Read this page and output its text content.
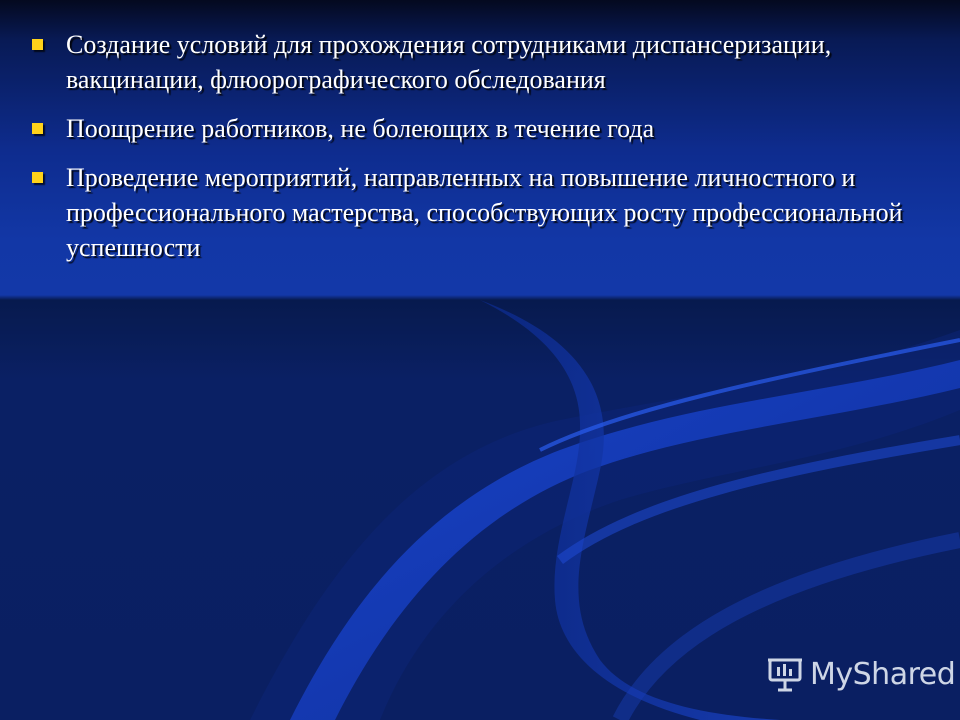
Создание условий для прохождения сотрудниками диспансеризации, вакцинации, флюорографического обследования
Поощрение работников, не болеющих в течение года
Проведение мероприятий, направленных на повышение личностного и профессионального мастерства, способствующих росту профессиональной успешности
MyShared
